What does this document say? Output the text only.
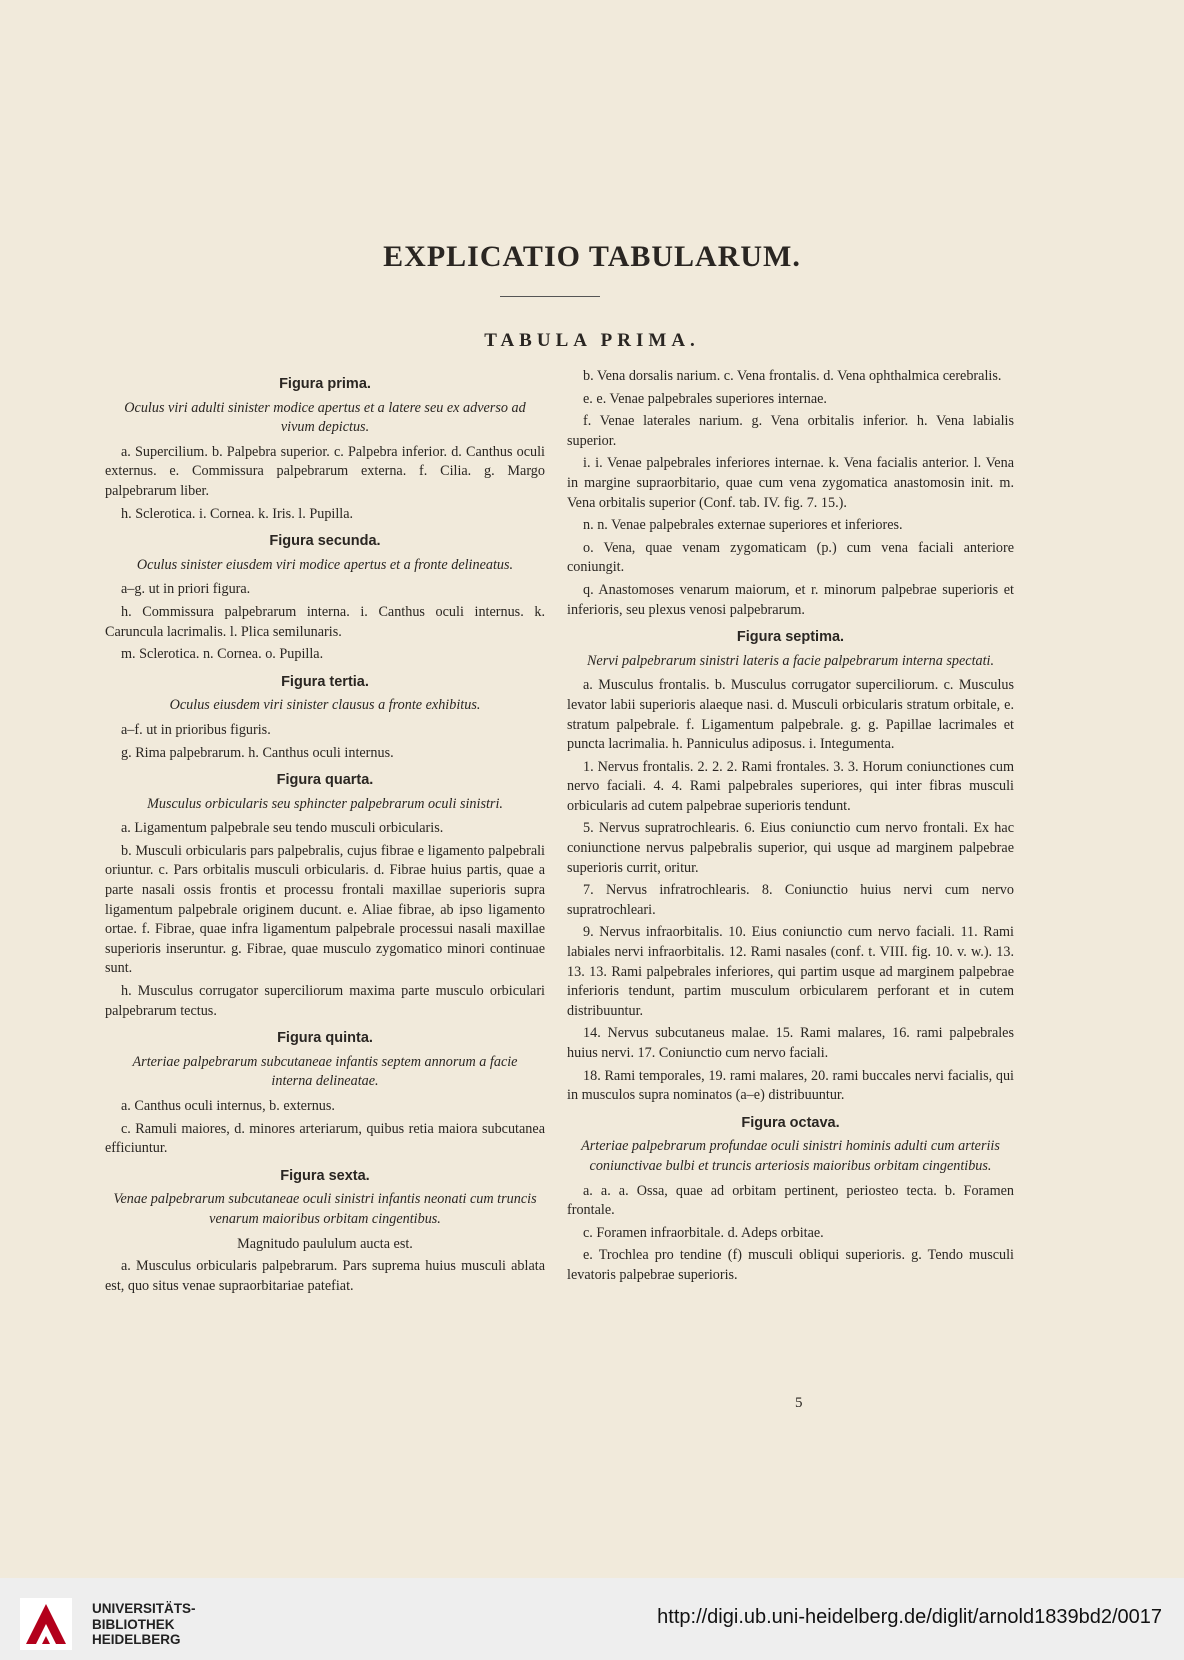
EXPLICATIO TABULARUM.
TABULA PRIMA.
Figura prima.

Oculus viri adulti sinister modice apertus et a latere seu ex adverso ad vivum depictus.

a. Supercilium. b. Palpebra superior. c. Palpebra inferior. d. Canthus oculi externus. e. Commissura palpebrarum externa. f. Cilia. g. Margo palpebrarum liber.

h. Sclerotica. i. Cornea. k. Iris. l. Pupilla.

Figura secunda.

Oculus sinister eiusdem viri modice apertus et a fronte delineatus.

a–g. ut in priori figura.

h. Commissura palpebrarum interna. i. Canthus oculi internus. k. Caruncula lacrimalis. l. Plica semilunaris.

m. Sclerotica. n. Cornea. o. Pupilla.

Figura tertia.

Oculus eiusdem viri sinister clausus a fronte exhibitus.

a–f. ut in prioribus figuris.

g. Rima palpebrarum. h. Canthus oculi internus.

Figura quarta.

Musculus orbicularis seu sphincter palpebrarum oculi sinistri.

a. Ligamentum palpebrale seu tendo musculi orbicularis.

b. Musculi orbicularis pars palpebralis, cujus fibrae e ligamento palpebrali oriuntur. c. Pars orbitalis musculi orbicularis. d. Fibrae huius partis, quae a parte nasali ossis frontis et processu frontali maxillae superioris supra ligamentum palpebrale originem ducunt. e. Aliae fibrae, ab ipso ligamento ortae. f. Fibrae, quae infra ligamentum palpebrale processui nasali maxillae superioris inseruntur. g. Fibrae, quae musculo zygomatico minori continuae sunt.

h. Musculus corrugator superciliorum maxima parte musculo orbiculari palpebrarum tectus.

Figura quinta.

Arteriae palpebrarum subcutaneae infantis septem annorum a facie interna delineatae.

a. Canthus oculi internus, b. externus.

c. Ramuli maiores, d. minores arteriarum, quibus retia maiora subcutanea efficiuntur.

Figura sexta.

Venae palpebrarum subcutaneae oculi sinistri infantis neonati cum truncis venarum maioribus orbitam cingentibus.

Magnitudo paululum aucta est.

a. Musculus orbicularis palpebrarum. Pars suprema huius musculi ablata est, quo situs venae supraorbitariae patefiat.

b. Vena dorsalis narium. c. Vena frontalis. d. Vena ophthalmica cerebralis.

e. e. Venae palpebrales superiores internae.

f. Venae laterales narium. g. Vena orbitalis inferior. h. Vena labialis superior.

i. i. Venae palpebrales inferiores internae. k. Vena facialis anterior. l. Vena in margine supraorbitario, quae cum vena zygomatica anastomosin init. m. Vena orbitalis superior (Conf. tab. IV. fig. 7. 15.).

n. n. Venae palpebrales externae superiores et inferiores.

o. Vena, quae venam zygomaticam (p.) cum vena faciali anteriore coniungit.

q. Anastomoses venarum maiorum, et r. minorum palpebrae superioris et inferioris, seu plexus venosi palpebrarum.

Figura septima.

Nervi palpebrarum sinistri lateris a facie palpebrarum interna spectati.

a. Musculus frontalis. b. Musculus corrugator superciliorum. c. Musculus levator labii superioris alaeque nasi. d. Musculi orbicularis stratum orbitale, e. stratum palpebrale. f. Ligamentum palpebrale. g. g. Papillae lacrimales et puncta lacrimalia. h. Panniculus adiposus. i. Integumenta.

1. Nervus frontalis. 2. 2. 2. Rami frontales. 3. 3. Horum coniunctiones cum nervo faciali. 4. 4. Rami palpebrales superiores, qui inter fibras musculi orbicularis ad cutem palpebrae superioris tendunt.

5. Nervus supratrochlearis. 6. Eius coniunctio cum nervo frontali. Ex hac coniunctione nervus palpebralis superior, qui usque ad marginem palpebrae superioris currit, oritur.

7. Nervus infratrochlearis. 8. Coniunctio huius nervi cum nervo supratrochleari.

9. Nervus infraorbitalis. 10. Eius coniunctio cum nervo faciali. 11. Rami labiales nervi infraorbitalis. 12. Rami nasales (conf. t. VIII. fig. 10. v. w.). 13. 13. 13. Rami palpebrales inferiores, qui partim usque ad marginem palpebrae inferioris tendunt, partim musculum orbicularem perforant et in cutem distribuuntur.

14. Nervus subcutaneus malae. 15. Rami malares, 16. rami palpebrales huius nervi. 17. Coniunctio cum nervo faciali.

18. Rami temporales, 19. rami malares, 20. rami buccales nervi facialis, qui in musculos supra nominatos (a–e) distribuuntur.

Figura octava.

Arteriae palpebrarum profundae oculi sinistri hominis adulti cum arteriis coniunctivae bulbi et truncis arteriosis maioribus orbitam cingentibus.

a. a. a. Ossa, quae ad orbitam pertinent, periosteo tecta. b. Foramen frontale.

c. Foramen infraorbitale. d. Adeps orbitae.

e. Trochlea pro tendine (f) musculi obliqui superioris. g. Tendo musculi levatoris palpebrae superioris.

5
UNIVERSITÄTS-
BIBLIOTHEK
HEIDELBERG
http://digi.ub.uni-heidelberg.de/diglit/arnold1839bd2/0017
